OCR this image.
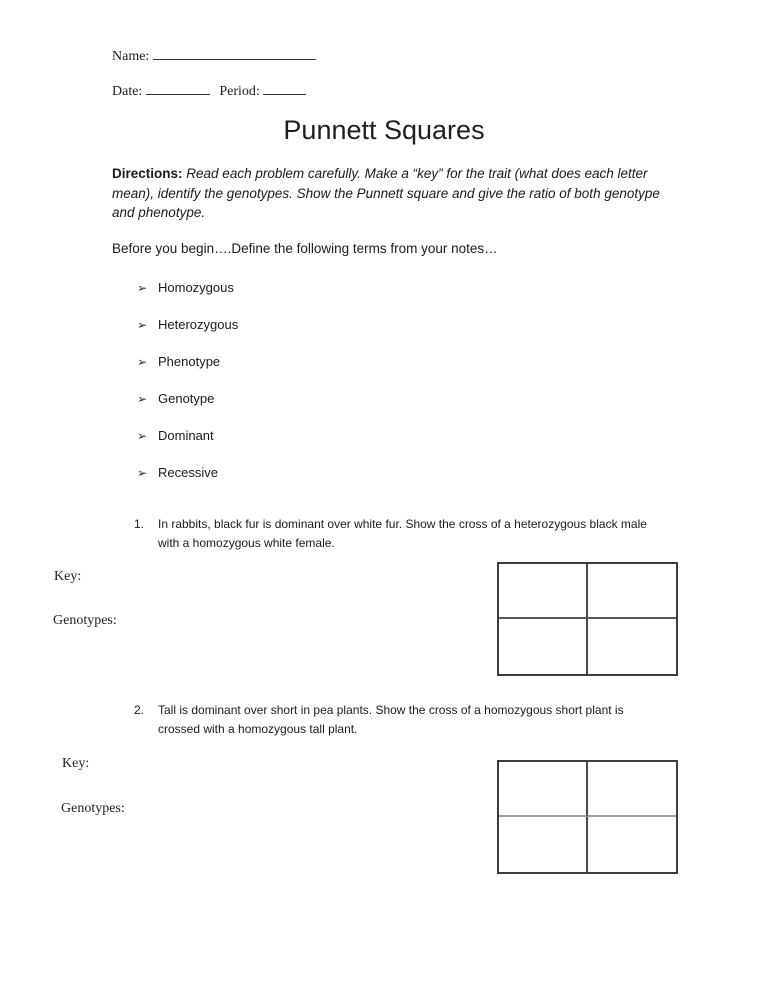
Name:
Date:	Period:
Punnett Squares
Directions: Read each problem carefully. Make a “key” for the trait (what does each letter mean), identify the genotypes. Show the Punnett square and give the ratio of both genotype and phenotype.
Before you begin….Define the following terms from your notes…
➢ Homozygous
➢ Heterozygous
➢ Phenotype
➢ Genotype
➢ Dominant
➢ Recessive
1.	In rabbits, black fur is dominant over white fur. Show the cross of a heterozygous black male with a homozygous white female.
Key:
Genotypes:
2.	Tall is dominant over short in pea plants. Show the cross of a homozygous short plant is crossed with a homozygous tall plant.
Key:
Genotypes:
